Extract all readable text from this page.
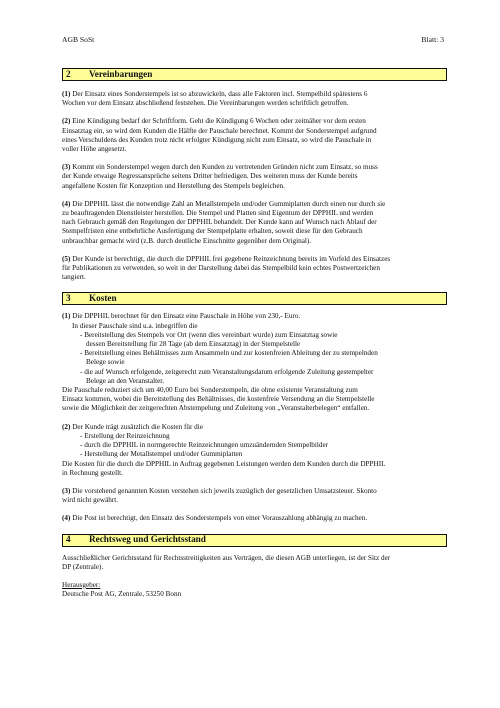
AGB SoSt	Blatt: 3
2	Vereinbarungen

(1) Der Einsatz eines Sonderstempels ist so abzuwickeln, dass alle Faktoren incl. Stempelbild spätestens 6
Wochen vor dem Einsatz abschließend feststehen. Die Vereinbarungen werden schriftlich getroffen.

(2) Eine Kündigung bedarf der Schriftform. Geht die Kündigung 6 Wochen oder zeitnäher vor dem ersten
Einsatztag ein, so wird dem Kunden die Hälfte der Pauschale berechnet. Kommt der Sonderstempel aufgrund
eines Verschuldens des Kunden trotz nicht erfolgter Kündigung nicht zum Einsatz, so wird die Pauschale in
voller Höhe angesetzt.

(3) Kommt ein Sonderstempel wegen durch den Kunden zu vertretenden Gründen nicht zum Einsatz, so muss
der Kunde etwaige Regressansprüche seitens Dritter befriedigen. Des weiteren muss der Kunde bereits
angefallene Kosten für Konzeption und Herstellung des Stempels begleichen.

(4) Die DPPHIL lässt die notwendige Zahl an Metallstempeln und/oder Gummiplatten durch einen nur durch sie
zu beauftragenden Dienstleister herstellen. Die Stempel und Platten sind Eigentum der DPPHIL und werden
nach Gebrauch gemäß den Regelungen der DPPHIL behandelt. Der Kunde kann auf Wunsch nach Ablauf der
Stempelfristen eine entbehrliche Ausfertigung der Stempelplatte erhalten, soweit diese für den Gebrauch
unbrauchbar gemacht wird (z.B. durch deutliche Einschnitte gegenüber dem Original).

(5) Der Kunde ist berechtigt, die durch die DPPHIL frei gegebene Reinzeichnung bereits im Vorfeld des Einsatzes
für Publikationen zu verwenden, so weit in der Darstellung dabei das Stempelbild kein echtes Postwertzeichen
tangiert.

3	Kosten
(1) Die DPPHIL berechnet für den Einsatz eine Pauschale in Höhe von 230,- Euro.
In dieser Pauschale sind u.a. inbegriffen die
- Bereitstellung des Stempels vor Ort (wenn dies vereinbart wurde) zum Einsatztag sowie
dessen Bereitstellung für 28 Tage (ab dem Einsatztag) in der Stempelstelle
- Bereitstellung eines Behältnisses zum Ansammeln und zur kostenfreien Ableitung der zu stempelnden
Belege sowie
- die auf Wunsch erfolgende, zeitgerecht zum Veranstaltungsdatum erfolgende Zuleitung gestempelter
Belege an den Veranstalter.
Die Pauschale reduziert sich um 40,00 Euro bei Sonderstempeln, die ohne existente Veranstaltung zum
Einsatz kommen, wobei die Bereitstellung des Behältnisses, die kostenfreie Versendung an die Stempelstelle
sowie die Möglichkeit der zeitgerechten Abstempelung und Zuleitung von „Veranstalterbelegen“ entfallen.
(2) Der Kunde trägt zusätzlich die Kosten für die
- Erstellung der Reinzeichnung
- durch die DPPHIL in normgerechte Reinzeichnungen umzuändernden Stempelbilder
- Herstellung der Metallstempel und/oder Gummiplatten
Die Kosten für die durch die DPPHIL in Auftrag gegebenen Leistungen werden dem Kunden durch die DPPHIL
in Rechnung gestellt.

(3) Die vorstehend genannten Kosten verstehen sich jeweils zuzüglich der gesetzlichen Umsatzsteuer. Skonto
wird nicht gewährt.

(4) Die Post ist berechtigt, den Einsatz des Sonderstempels von einer Vorauszahlung abhängig zu machen.

4	Rechtsweg und Gerichtsstand

Ausschließlicher Gerichtsstand für Rechtsstreitigkeiten aus Verträgen, die diesen AGB unterliegen, ist der Sitz der
DP (Zentrale).

Herausgeber:
Deutsche Post AG, Zentrale, 53250 Bonn
